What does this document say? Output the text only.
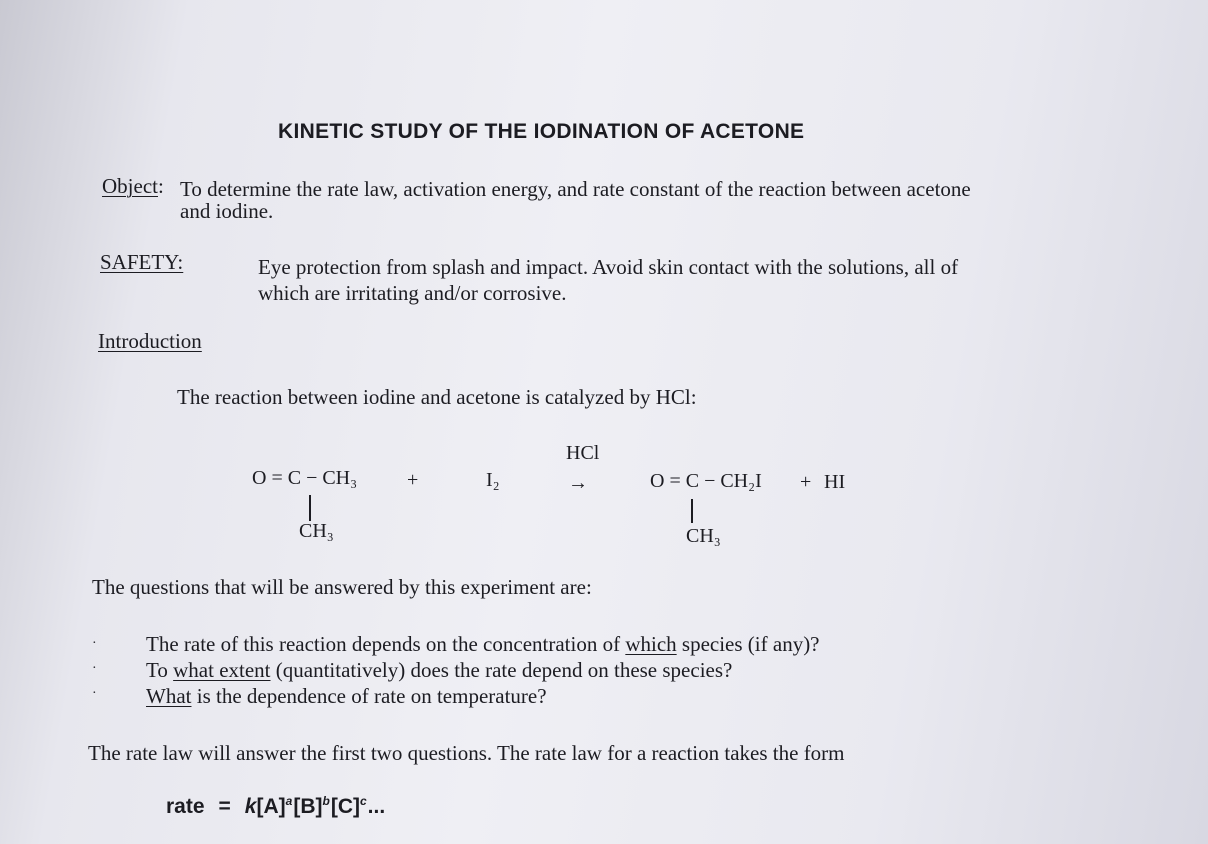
KINETIC STUDY OF THE IODINATION OF ACETONE
Object: To determine the rate law, activation energy, and rate constant of the reaction between acetone
and iodine.
SAFETY:	Eye protection from splash and impact. Avoid skin contact with the solutions, all of
which are irritating and/or corrosive.
Introduction
The reaction between iodine and acetone is catalyzed by HCl:
O = C − CH₃
CH₃
+	I₂
HCl
→	O = C − CH₂I
CH₃
+ HI
The questions that will be answered by this experiment are:
·
·
·
The rate of this reaction depends on the concentration of which species (if any)?
To what extent (quantitatively) does the rate depend on these species?
What is the dependence of rate on temperature?
The rate law will answer the first two questions. The rate law for a reaction takes the form
rate = $k[A]^a[B]^b[C]^c$...
